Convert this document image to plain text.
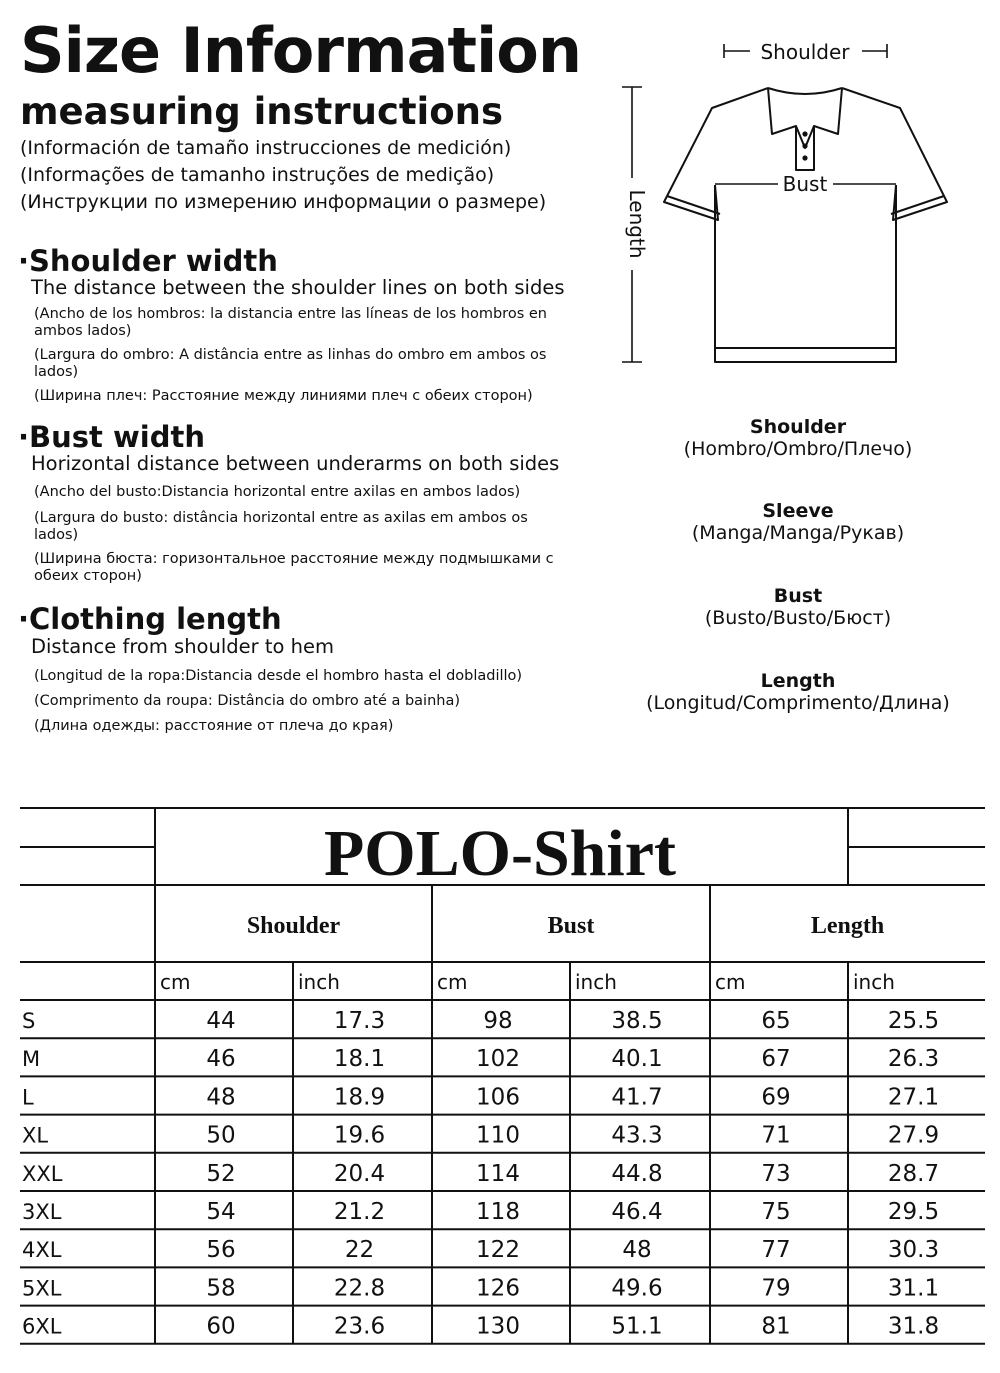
Size Information
measuring instructions
(Información de tamaño instrucciones de medición)
(Informações de tamanho instruções de medição)
(Инструкции по измерению информации о размере)
·Shoulder width
The distance between the shoulder lines on both sides
(Ancho de los hombros: la distancia entre las líneas de los hombros en ambos lados)
(Largura do ombro: A distância entre as linhas do ombro em ambos os lados)
(Ширина плеч: Расстояние между линиями плеч с обеих сторон)
·Bust width
Horizontal distance between underarms on both sides
(Ancho del busto:Distancia horizontal entre axilas en ambos lados)
(Largura do busto: distância horizontal entre as axilas em ambos os lados)
(Ширина бюста: горизонтальное расстояние между подмышками с обеих сторон)
·Clothing length
Distance from shoulder to hem
(Longitud de la ropa:Distancia desde el hombro hasta el dobladillo)
(Comprimento da roupa: Distância do ombro até a bainha)
(Длина одежды: расстояние от плеча до края)
Shoulder
Length
Bust
Shoulder
(Hombro/Ombro/Плечо)
Sleeve
(Manga/Manga/Рукав)
Bust
(Busto/Busto/Бюст)
Length
(Longitud/Comprimento/Длина)
POLO-Shirt
Shoulder	Bust	Length
cm	inch	cm	inch	cm	inch
S	44	17.3	98	38.5	65	25.5
M	46	18.1	102	40.1	67	26.3
L	48	18.9	106	41.7	69	27.1
XL	50	19.6	110	43.3	71	27.9
XXL	52	20.4	114	44.8	73	28.7
3XL	54	21.2	118	46.4	75	29.5
4XL	56	22	122	48	77	30.3
5XL	58	22.8	126	49.6	79	31.1
6XL	60	23.6	130	51.1	81	31.8
